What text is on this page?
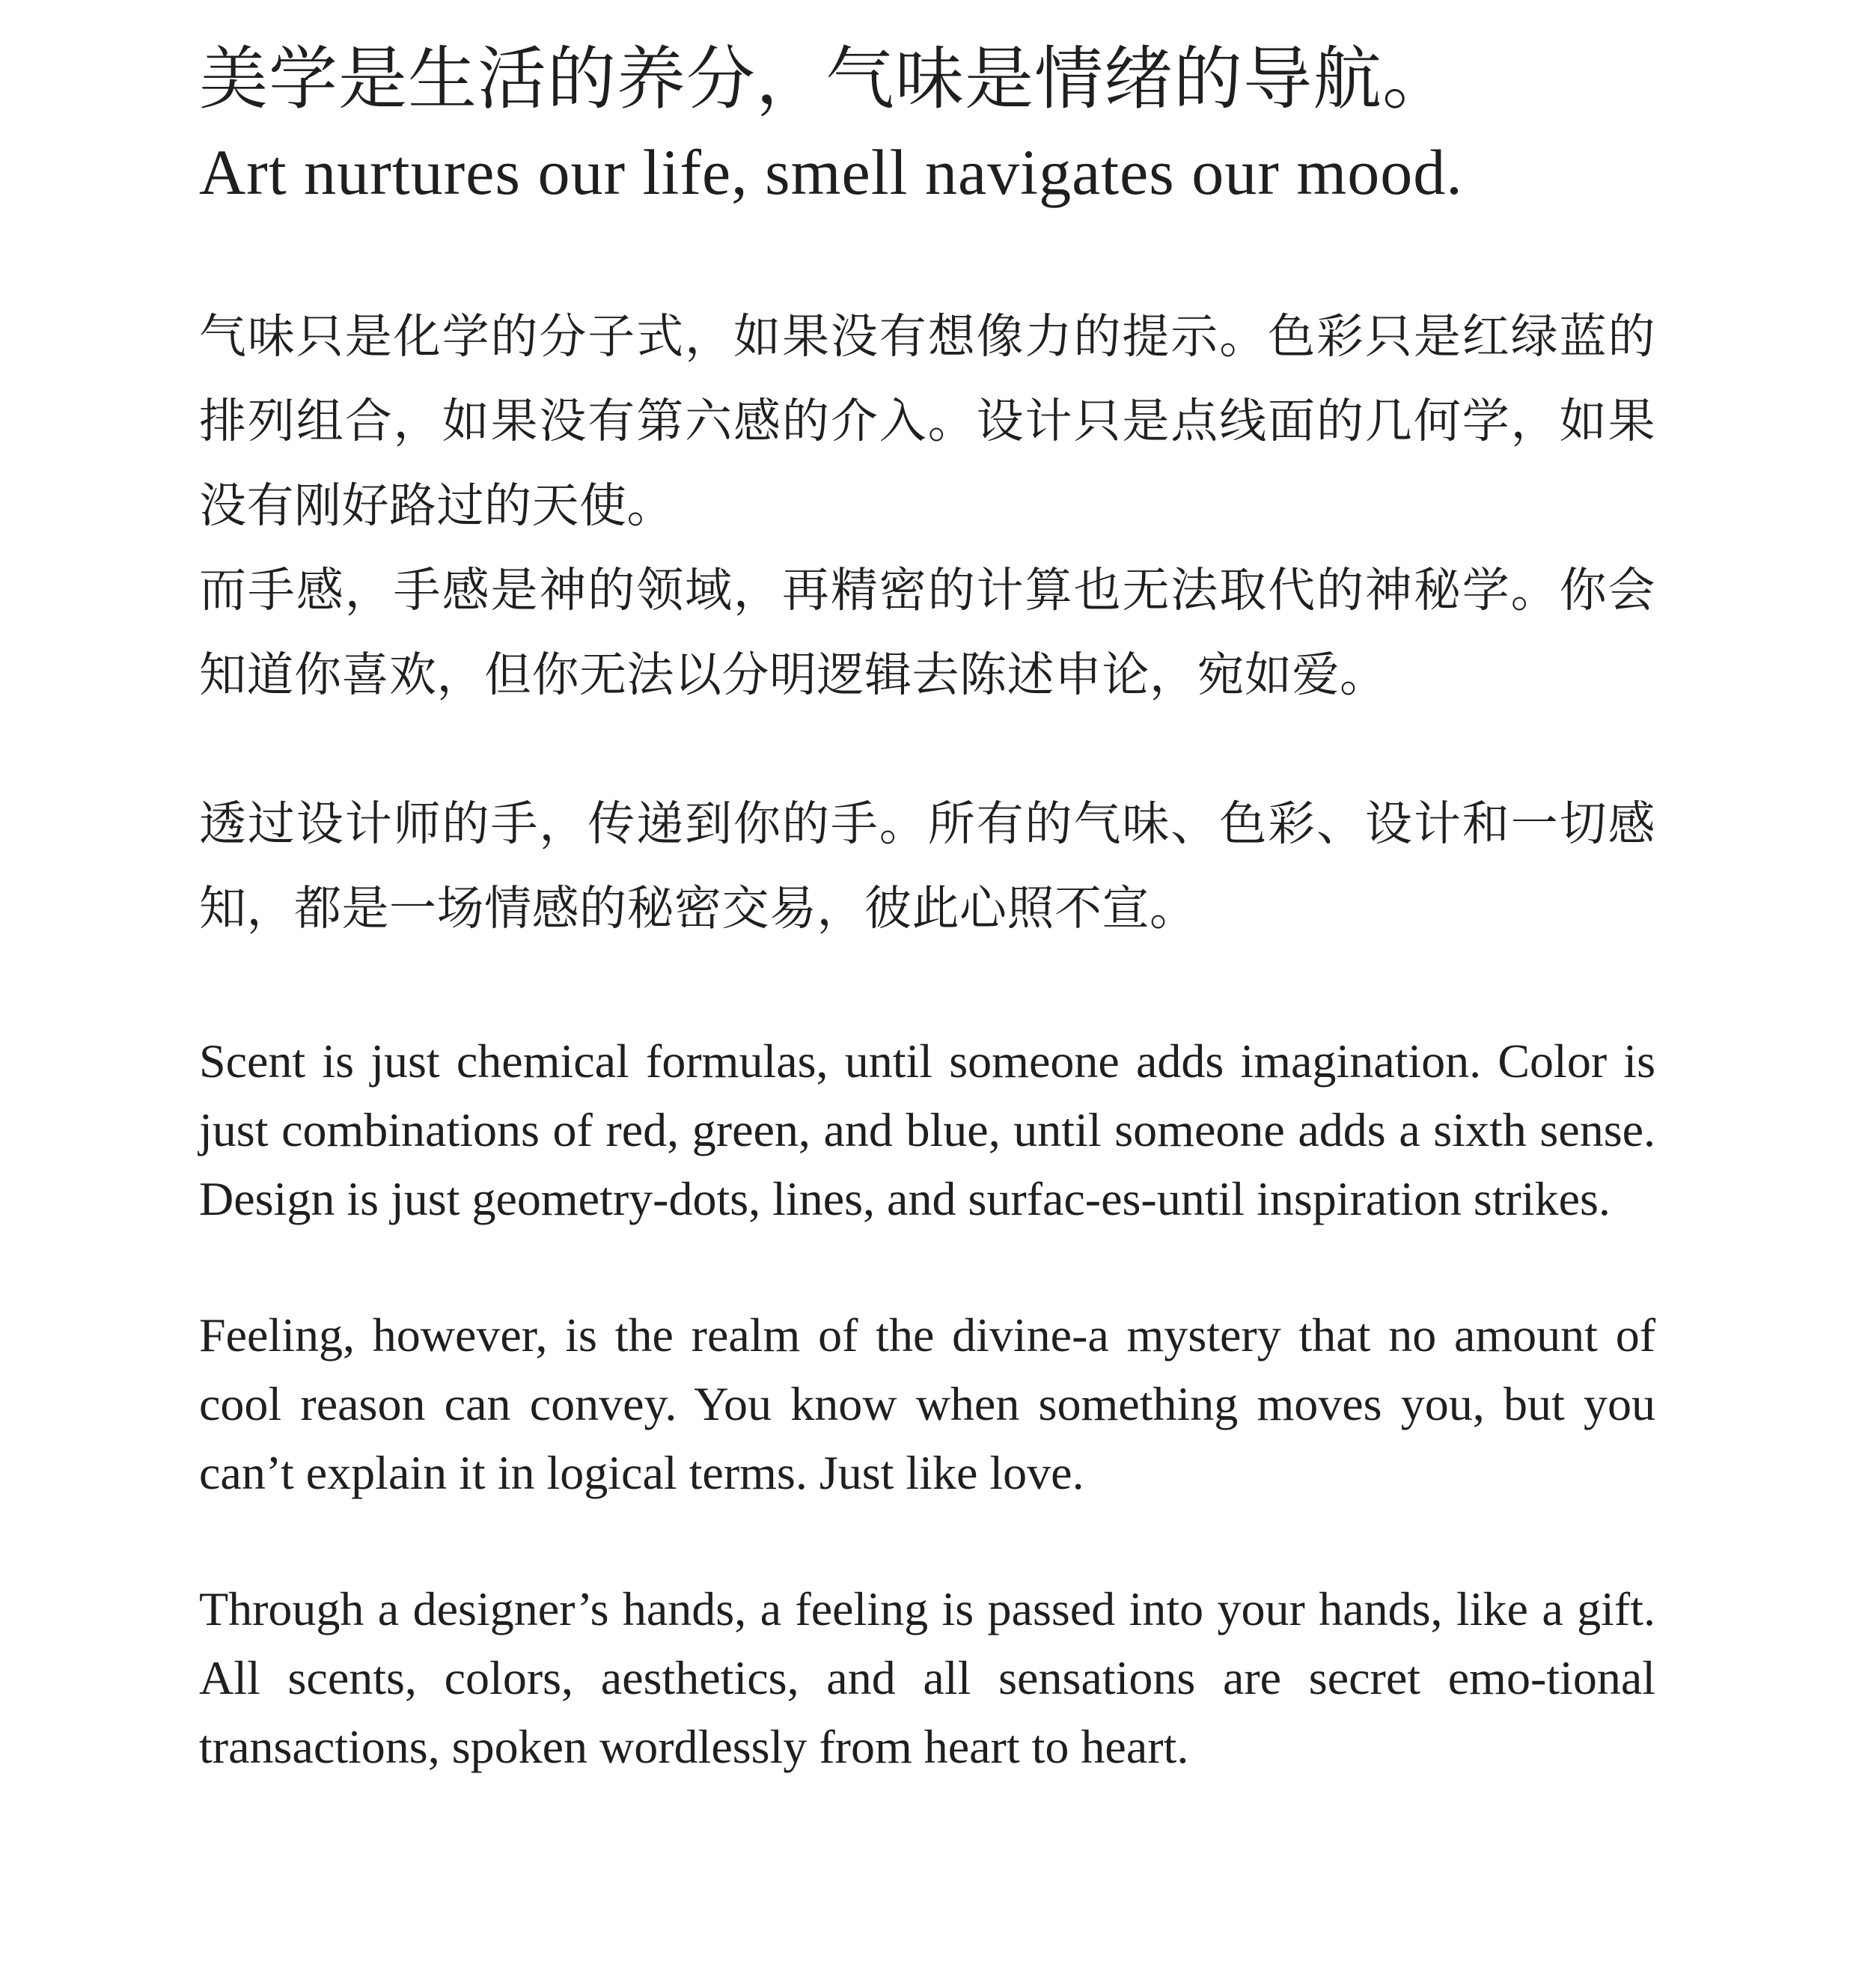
美学是生活的养分，气味是情绪的导航。
Art nurtures our life, smell navigates our mood.

气味只是化学的分子式，如果没有想像力的提示。色彩只是红绿蓝的排列组合，如果没有第六感的介入。设计只是点线面的几何学，如果没有刚好路过的天使。

而手感，手感是神的领域，再精密的计算也无法取代的神秘学。你会知道你喜欢，但你无法以分明逻辑去陈述申论，宛如爱。

透过设计师的手，传递到你的手。所有的气味、色彩、设计和一切感知，都是一场情感的秘密交易，彼此心照不宣。

Scent is just chemical formulas, until someone adds imagination. Color is just combinations of red, green, and blue, until someone adds a sixth sense. Design is just geometry-dots, lines, and surfac-es-until inspiration strikes.

Feeling, however, is the realm of the divine-a mystery that no amount of cool reason can convey. You know when something moves you, but you can’t explain it in logical terms. Just like love.

Through a designer’s hands, a feeling is passed into your hands, like a gift. All scents, colors, aesthetics, and all sensations are secret emo-tional transactions, spoken wordlessly from heart to heart.
